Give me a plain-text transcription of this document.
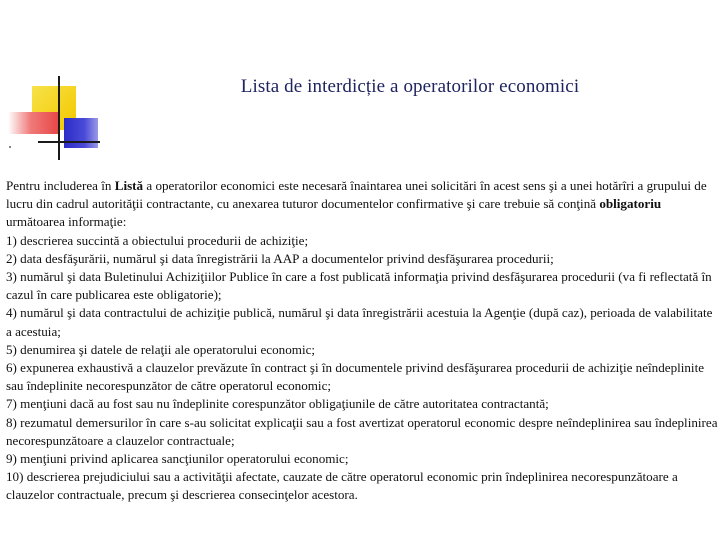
Lista de interdicție a operatorilor economici

Pentru includerea în Listă a operatorilor economici este necesară înaintarea unei solicitări în acest sens şi a unei hotărîri a grupului de lucru din cadrul autorităţii contractante, cu anexarea tuturor documentelor confirmative şi care trebuie să conţină obligatoriu următoarea informaţie:

1) descrierea succintă a obiectului procedurii de achiziţie;

2) data desfăşurării, numărul şi data înregistrării la AAP a documentelor privind desfăşurarea procedurii;

3) numărul şi data Buletinului Achiziţiilor Publice în care a fost publicată informaţia privind desfăşurarea procedurii (va fi reflectată în cazul în care publicarea este obligatorie);

4) numărul şi data contractului de achiziţie publică, numărul şi data înregistrării acestuia la Agenţie (după caz), perioada de valabilitate a acestuia;

5) denumirea şi datele de relaţii ale operatorului economic;

6) expunerea exhaustivă a clauzelor prevăzute în contract şi în documentele privind desfăşurarea procedurii de achiziţie neîndeplinite sau îndeplinite necorespunzător de către operatorul economic;

7) menţiuni dacă au fost sau nu îndeplinite corespunzător obligaţiunile de către autoritatea contractantă;

8) rezumatul demersurilor în care s-au solicitat explicaţii sau a fost avertizat operatorul economic despre neîndeplinirea sau îndeplinirea necorespunzătoare a clauzelor contractuale;

9) menţiuni privind aplicarea sancţiunilor operatorului economic;

10) descrierea prejudiciului sau a activităţii afectate, cauzate de către operatorul economic prin îndeplinirea necorespunzătoare a clauzelor contractuale, precum şi descrierea consecinţelor acestora.
